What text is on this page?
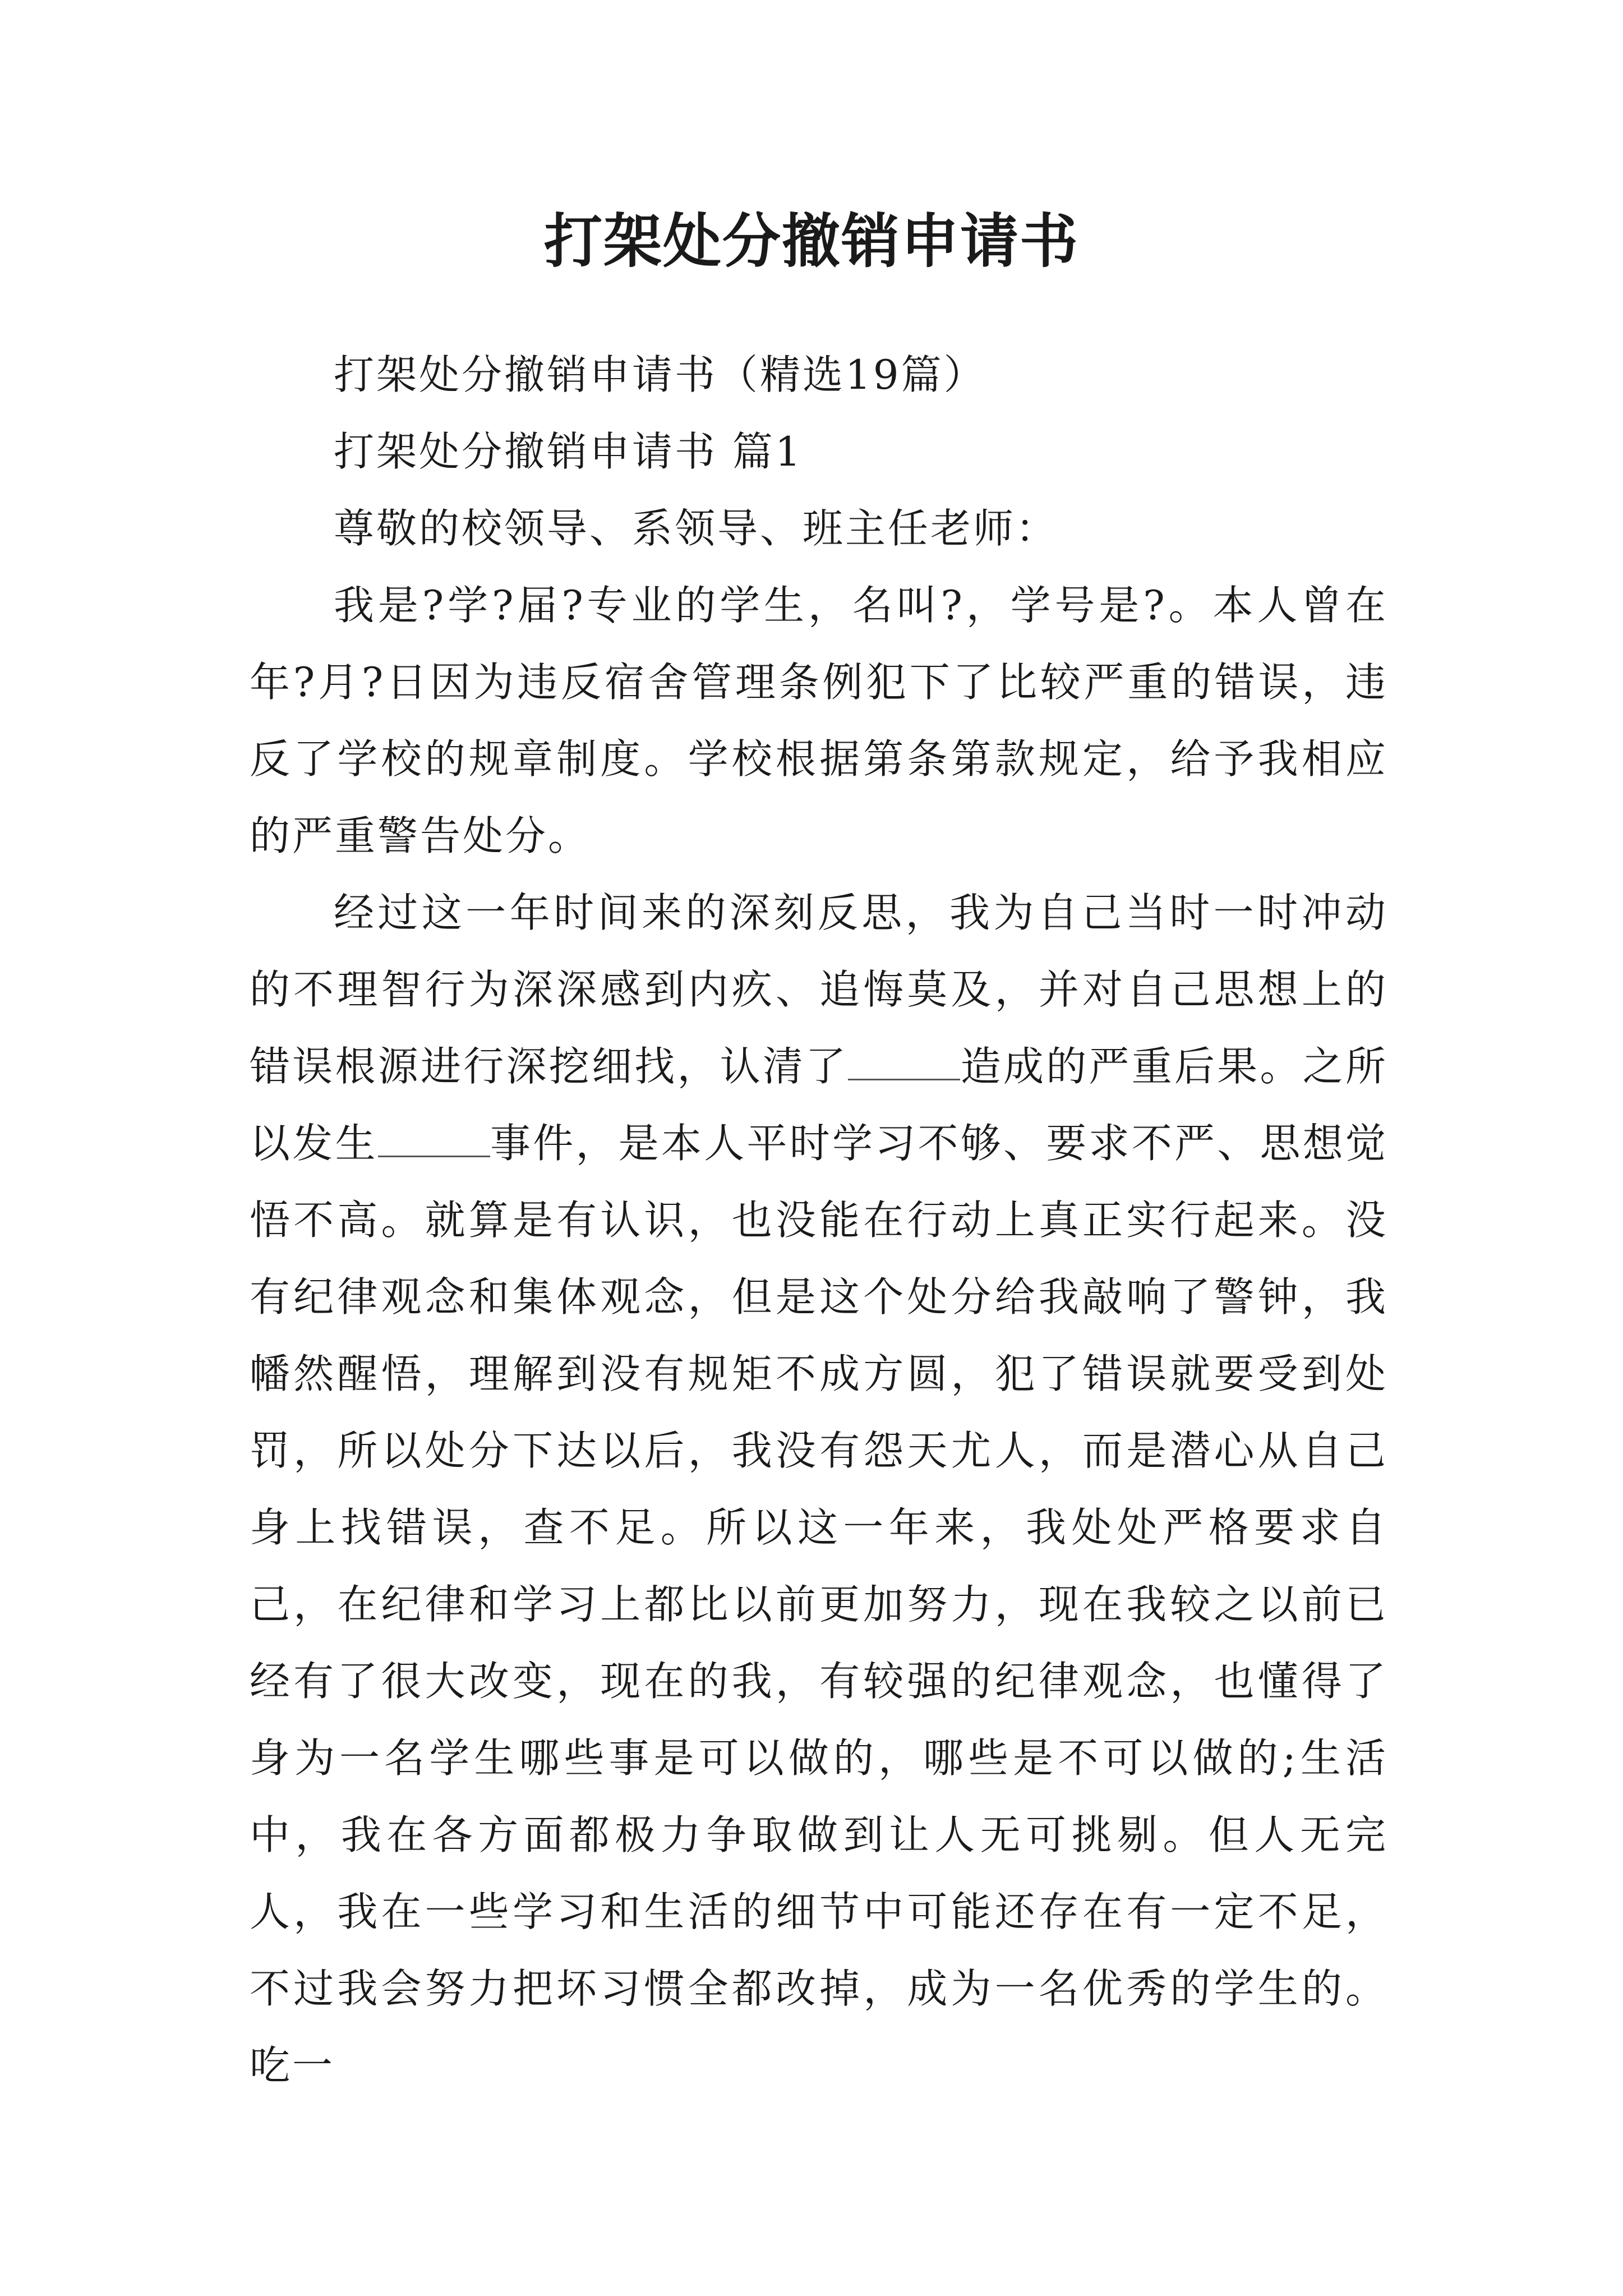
打架处分撤销申请书

打架处分撤销申请书（精选19篇）

打架处分撤销申请书 篇1

尊敬的校领导、系领导、班主任老师：

我是?学?届?专业的学生，名叫?，学号是?。本人曾在年?月?日因为违反宿舍管理条例犯下了比较严重的错误，违反了学校的规章制度。学校根据第条第款规定，给予我相应的严重警告处分。

经过这一年时间来的深刻反思，我为自己当时一时冲动的不理智行为深深感到内疚、追悔莫及，并对自己思想上的错误根源进行深挖细找，认清了	造成的严重后果。之所以发生	事件，是本人平时学习不够、要求不严、思想觉悟不高。就算是有认识，也没能在行动上真正实行起来。没有纪律观念和集体观念，但是这个处分给我敲响了警钟，我幡然醒悟，理解到没有规矩不成方圆，犯了错误就要受到处罚，所以处分下达以后，我没有怨天尤人，而是潜心从自己身上找错误，查不足。所以这一年来，我处处严格要求自己，在纪律和学习上都比以前更加努力，现在我较之以前已经有了很大改变，现在的我，有较强的纪律观念，也懂得了身为一名学生哪些事是可以做的，哪些是不可以做的;生活中，我在各方面都极力争取做到让人无可挑剔。但人无完人，我在一些学习和生活的细节中可能还存在有一定不足，不过我会努力把坏习惯全都改掉，成为一名优秀的学生的。吃一
